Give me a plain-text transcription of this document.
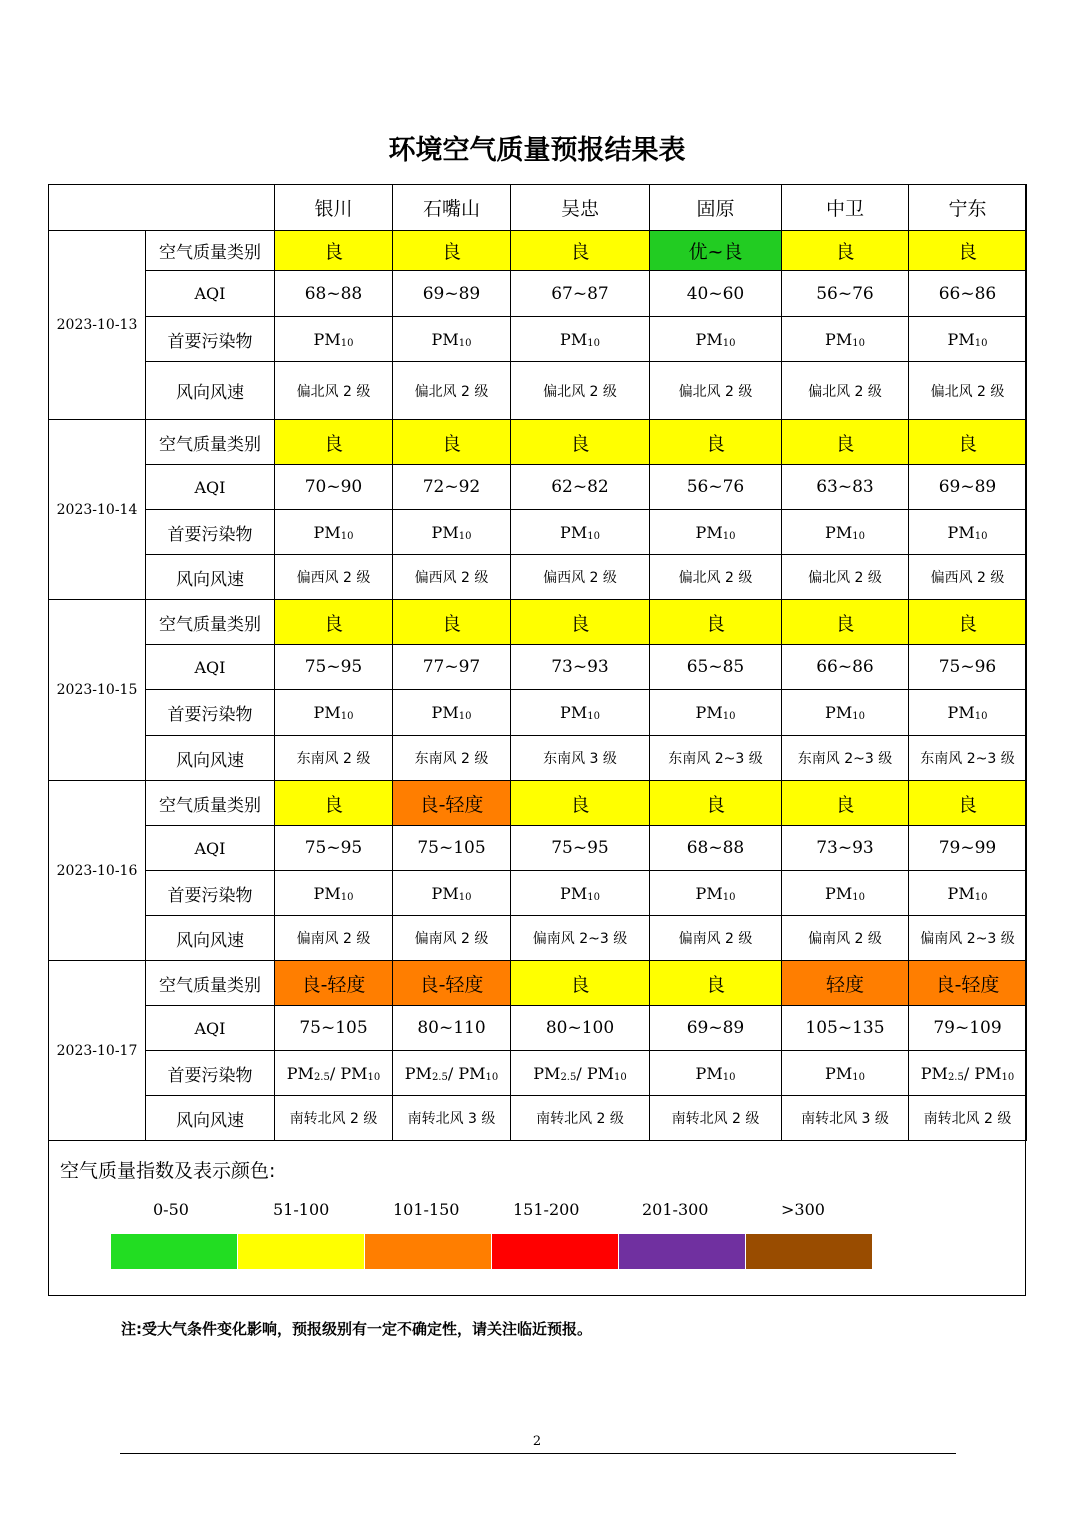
环境空气质量预报结果表
		银川	石嘴山	吴忠	固原	中卫	宁东
2023-10-13	空气质量类别	良	良	良	优~良	良	良
	AQI	68~88	69~89	67~87	40~60	56~76	66~86
	首要污染物	$PM_{10}$	$PM_{10}$	$PM_{10}$	$PM_{10}$	$PM_{10}$	$PM_{10}$
	风向风速	偏北风 2 级	偏北风 2 级	偏北风 2 级	偏北风 2 级	偏北风 2 级	偏北风 2 级
2023-10-14	空气质量类别	良	良	良	良	良	良
	AQI	70~90	72~92	62~82	56~76	63~83	69~89
	首要污染物	$PM_{10}$	$PM_{10}$	$PM_{10}$	$PM_{10}$	$PM_{10}$	$PM_{10}$
	风向风速	偏西风 2 级	偏西风 2 级	偏西风 2 级	偏北风 2 级	偏北风 2 级	偏西风 2 级
2023-10-15	空气质量类别	良	良	良	良	良	良
	AQI	75~95	77~97	73~93	65~85	66~86	75~96
	首要污染物	$PM_{10}$	$PM_{10}$	$PM_{10}$	$PM_{10}$	$PM_{10}$	$PM_{10}$
	风向风速	东南风 2 级	东南风 2 级	东南风 3 级	东南风 2~3 级	东南风 2~3 级	东南风 2~3 级
2023-10-16	空气质量类别	良	良-轻度	良	良	良	良
	AQI	75~95	75~105	75~95	68~88	73~93	79~99
	首要污染物	$PM_{10}$	$PM_{10}$	$PM_{10}$	$PM_{10}$	$PM_{10}$	$PM_{10}$
	风向风速	偏南风 2 级	偏南风 2 级	偏南风 2~3 级	偏南风 2 级	偏南风 2 级	偏南风 2~3 级
2023-10-17	空气质量类别	良-轻度	良-轻度	良	良	轻度	良-轻度
	AQI	75~105	80~110	80~100	69~89	105~135	79~109
	首要污染物	$PM_{2.5}/$ $PM_{10}$	$PM_{2.5}/$ $PM_{10}$	$PM_{2.5}/$ $PM_{10}$	$PM_{10}$	$PM_{10}$	$PM_{2.5}/$ $PM_{10}$
	风向风速	南转北风 2 级	南转北风 3 级	南转北风 2 级	南转北风 2 级	南转北风 3 级	南转北风 2 级
空气质量指数及表示颜色:
0-50	51-100	101-150	151-200	201-300	>300
注:受大气条件变化影响，预报级别有一定不确定性，请关注临近预报。
2
